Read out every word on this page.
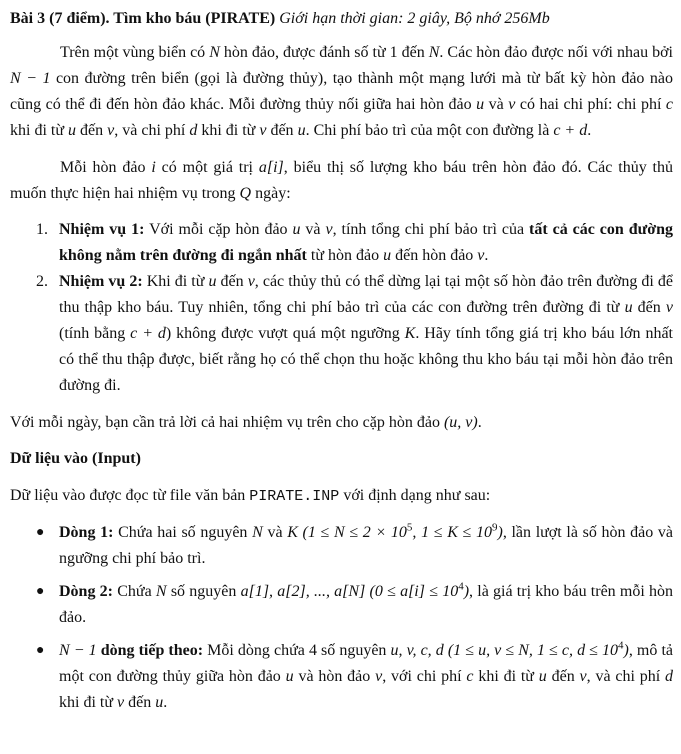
Bài 3 (7 điểm). Tìm kho báu (PIRATE) Giới hạn thời gian: 2 giây, Bộ nhớ 256Mb

Trên một vùng biển có N hòn đảo, được đánh số từ 1 đến N. Các hòn đảo được nối với nhau bởi N − 1 con đường trên biển (gọi là đường thủy), tạo thành một mạng lưới mà từ bất kỳ hòn đảo nào cũng có thể đi đến hòn đảo khác. Mỗi đường thủy nối giữa hai hòn đảo u và v có hai chi phí: chi phí c khi đi từ u đến v, và chi phí d khi đi từ v đến u. Chi phí bảo trì của một con đường là c + d.

Mỗi hòn đảo i có một giá trị a[i], biểu thị số lượng kho báu trên hòn đảo đó. Các thủy thủ muốn thực hiện hai nhiệm vụ trong Q ngày:

1. Nhiệm vụ 1: Với mỗi cặp hòn đảo u và v, tính tổng chi phí bảo trì của tất cả các con đường không nằm trên đường đi ngắn nhất từ hòn đảo u đến hòn đảo v.
2. Nhiệm vụ 2: Khi đi từ u đến v, các thủy thủ có thể dừng lại tại một số hòn đảo trên đường đi để thu thập kho báu. Tuy nhiên, tổng chi phí bảo trì của các con đường trên đường đi từ u đến v (tính bằng c + d) không được vượt quá một ngưỡng K. Hãy tính tổng giá trị kho báu lớn nhất có thể thu thập được, biết rằng họ có thể chọn thu hoặc không thu kho báu tại mỗi hòn đảo trên đường đi.

Với mỗi ngày, bạn cần trả lời cả hai nhiệm vụ trên cho cặp hòn đảo (u, v).

Dữ liệu vào (Input)

Dữ liệu vào được đọc từ file văn bản PIRATE.INP với định dạng như sau:

● Dòng 1: Chứa hai số nguyên N và K ($1 \le N \le 2 \times 10^5$, $1 \le K \le 10^9$), lần lượt là số hòn đảo và ngưỡng chi phí bảo trì.
● Dòng 2: Chứa N số nguyên a[1], a[2], ..., a[N] $(0 \le a[i] \le 10^4)$, là giá trị kho báu trên mỗi hòn đảo.
● N − 1 dòng tiếp theo: Mỗi dòng chứa 4 số nguyên u, v, c, d (1 ≤ u, v ≤ N, 1 ≤ c, $d \le 10^4$), mô tả một con đường thủy giữa hòn đảo u và hòn đảo v, với chi phí c khi đi từ u đến v, và chi phí d khi đi từ v đến u.
